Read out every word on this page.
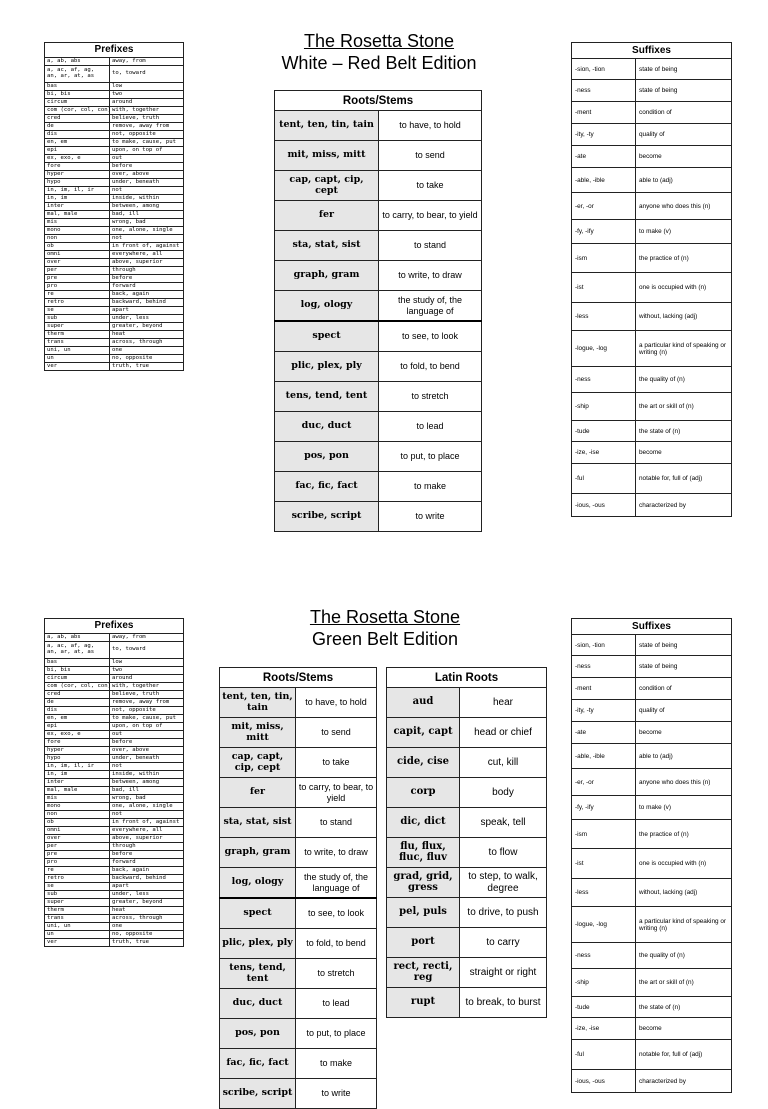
Prefixes	
a, ab, abs	away, from
a, ac, af, ag, an, ar, at, as	to, toward
bas	low
bi, bis	two
circum	around
com (cor, col, con)	with, together
cred	believe, truth
de	remove, away from
dis	not, opposite
en, em	to make, cause, put
epi	upon, on top of
ex, exo, e	out
fore	before
hyper	over, above
hypo	under, beneath
in, im, il, ir	not
in, im	inside, within
inter	between, among
mal, male	bad, ill
mis	wrong, bad
mono	one, alone, single
non	not
ob	in front of, against
omni	everywhere, all
over	above, superior
per	through
pre	before
pro	forward
re	back, again
retro	backward, behind
se	apart
sub	under, less
super	greater, beyond
therm	heat
trans	across, through
uni, un	one
un	no, opposite
ver	truth, true
The Rosetta Stone
White – Red Belt Edition
Roots/Stems	
tent, ten, tin, tain	to have, to hold
mit, miss, mitt	to send
cap, capt, cip, cept	to take
fer	to carry, to bear, to yield
sta, stat, sist	to stand
graph, gram	to write, to draw
log, ology	the study of, the language of
spect	to see, to look
plic, plex, ply	to fold, to bend
tens, tend, tent	to stretch
duc, duct	to lead
pos, pon	to put, to place
fac, fic, fact	to make
scribe, script	to write
Suffixes	
-sion, -tion	state of being
-ness	state of being
-ment	condition of
-ity, -ty	quality of
-ate	become
-able, -ible	able to (adj)
-er, -or	anyone who does this (n)
-fy, -ify	to make (v)
-ism	the practice of (n)
-ist	one is occupied with (n)
-less	without, lacking (adj)
-logue, -log	a particular kind of speaking or writing (n)
-ness	the quality of (n)
-ship	the art or skill of (n)
-tude	the state of (n)
-ize, -ise	become
-ful	notable for, full of (adj)
-ious, -ous	characterized by
Prefixes	
a, ab, abs	away, from
a, ac, af, ag, an, ar, at, as	to, toward
bas	low
bi, bis	two
circum	around
com (cor, col, con)	with, together
cred	believe, truth
de	remove, away from
dis	not, opposite
en, em	to make, cause, put
epi	upon, on top of
ex, exo, e	out
fore	before
hyper	over, above
hypo	under, beneath
in, im, il, ir	not
in, im	inside, within
inter	between, among
mal, male	bad, ill
mis	wrong, bad
mono	one, alone, single
non	not
ob	in front of, against
omni	everywhere, all
over	above, superior
per	through
pre	before
pro	forward
re	back, again
retro	backward, behind
se	apart
sub	under, less
super	greater, beyond
therm	heat
trans	across, through
uni, un	one
un	no, opposite
ver	truth, true
The Rosetta Stone
Green Belt Edition
Roots/Stems	
tent, ten, tin, tain	to have, to hold
mit, miss, mitt	to send
cap, capt, cip, cept	to take
fer	to carry, to bear, to yield
sta, stat, sist	to stand
graph, gram	to write, to draw
log, ology	the study of, the language of
spect	to see, to look
plic, plex, ply	to fold, to bend
tens, tend, tent	to stretch
duc, duct	to lead
pos, pon	to put, to place
fac, fic, fact	to make
scribe, script	to write
Latin Roots	
aud	hear
capit, capt	head or chief
cide, cise	cut, kill
corp	body
dic, dict	speak, tell
flu, flux, fluc, fluv	to flow
grad, grid, gress	to step, to walk, degree
pel, puls	to drive, to push
port	to carry
rect, recti, reg	straight or right
rupt	to break, to burst
Suffixes	
-sion, -tion	state of being
-ness	state of being
-ment	condition of
-ity, -ty	quality of
-ate	become
-able, -ible	able to (adj)
-er, -or	anyone who does this (n)
-fy, -ify	to make (v)
-ism	the practice of (n)
-ist	one is occupied with (n)
-less	without, lacking (adj)
-logue, -log	a particular kind of speaking or writing (n)
-ness	the quality of (n)
-ship	the art or skill of (n)
-tude	the state of (n)
-ize, -ise	become
-ful	notable for, full of (adj)
-ious, -ous	characterized by
